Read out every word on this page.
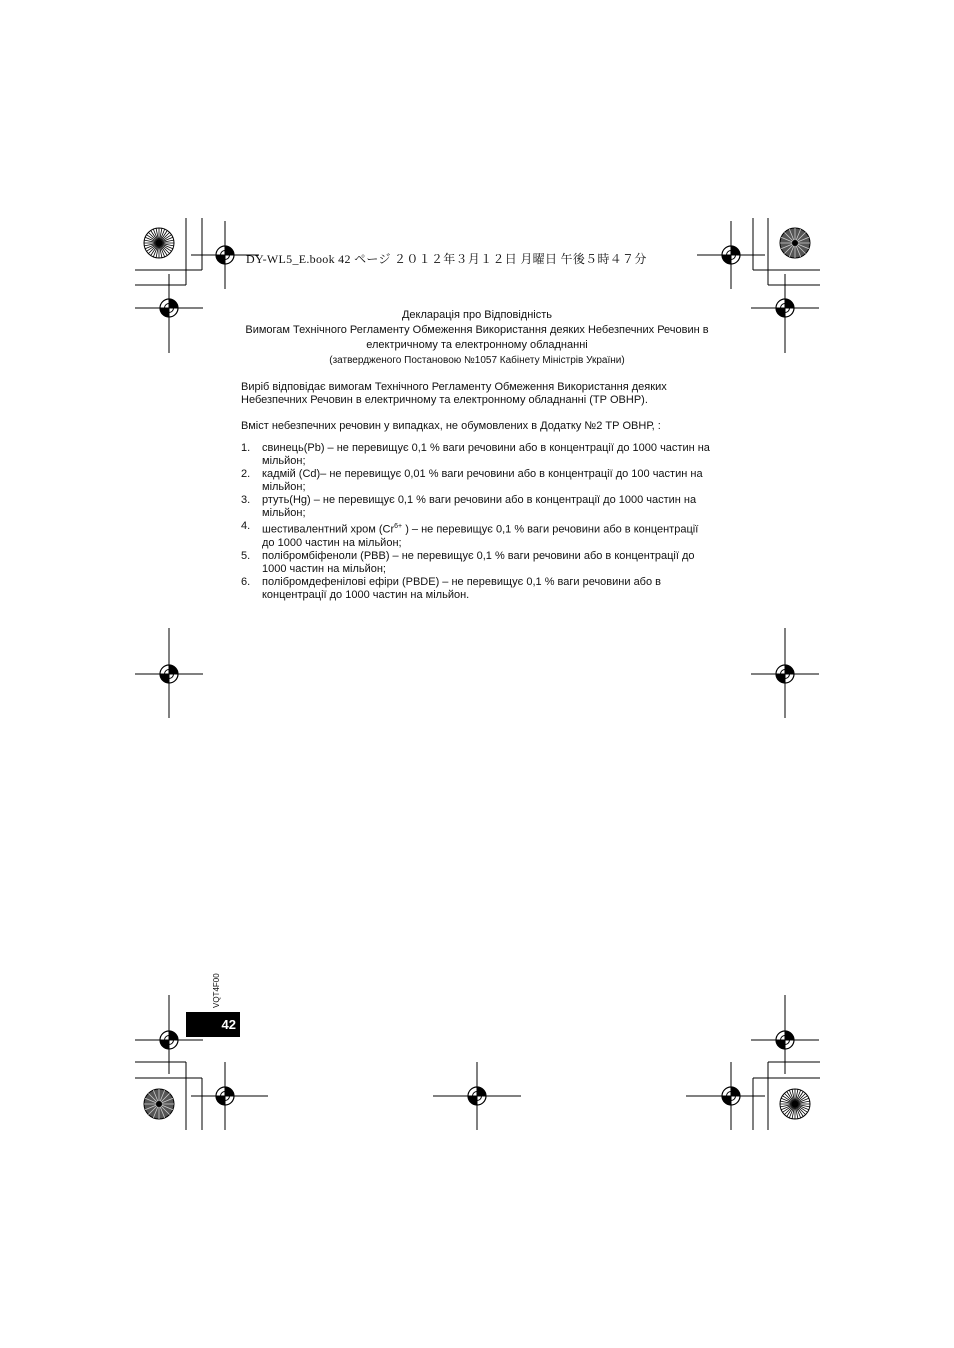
DY-WL5_E.book 42 ページ ２０１２年３月１２日 月曜日 午後５時４７分
Декларація про Відповідність
Вимогам Технічного Регламенту Обмеження Використання деяких Небезпечних Речовин в
електричному та електронному обладнанні
(затвердженого Постановою №1057 Кабінету Міністрів України)
Виріб відповідає вимогам Технічного Регламенту Обмеження Використання деяких
Небезпечних Речовин в електричному та електронному обладнанні (ТР ОВНР).
Вміст небезпечних речовин у випадках, не обумовлених в Додатку №2 ТР ОВНР, :
1.	свинець(Pb) – не перевищує 0,1 % ваги речовини або в концентрації до 1000 частин на
мільйон;
2.	кадмій (Cd)– не перевищує 0,01 % ваги речовини або в концентрації до 100 частин на
мільйон;
3.	ртуть(Hg) – не перевищує 0,1 % ваги речовини або в концентрації до 1000 частин на
мільйон;
4.	шестивалентний хром ($Cr^{6+}$ ) – не перевищує 0,1 % ваги речовини або в концентрації
до 1000 частин на мільйон;
5.	полібромбіфеноли (PBB) – не перевищує 0,1 % ваги речовини або в концентрації до
1000 частин на мільйон;
6.	полібромдефенілові ефіри (PBDE) – не перевищує 0,1 % ваги речовини або в
концентрації до 1000 частин на мільйон.
VQT4F00
42
